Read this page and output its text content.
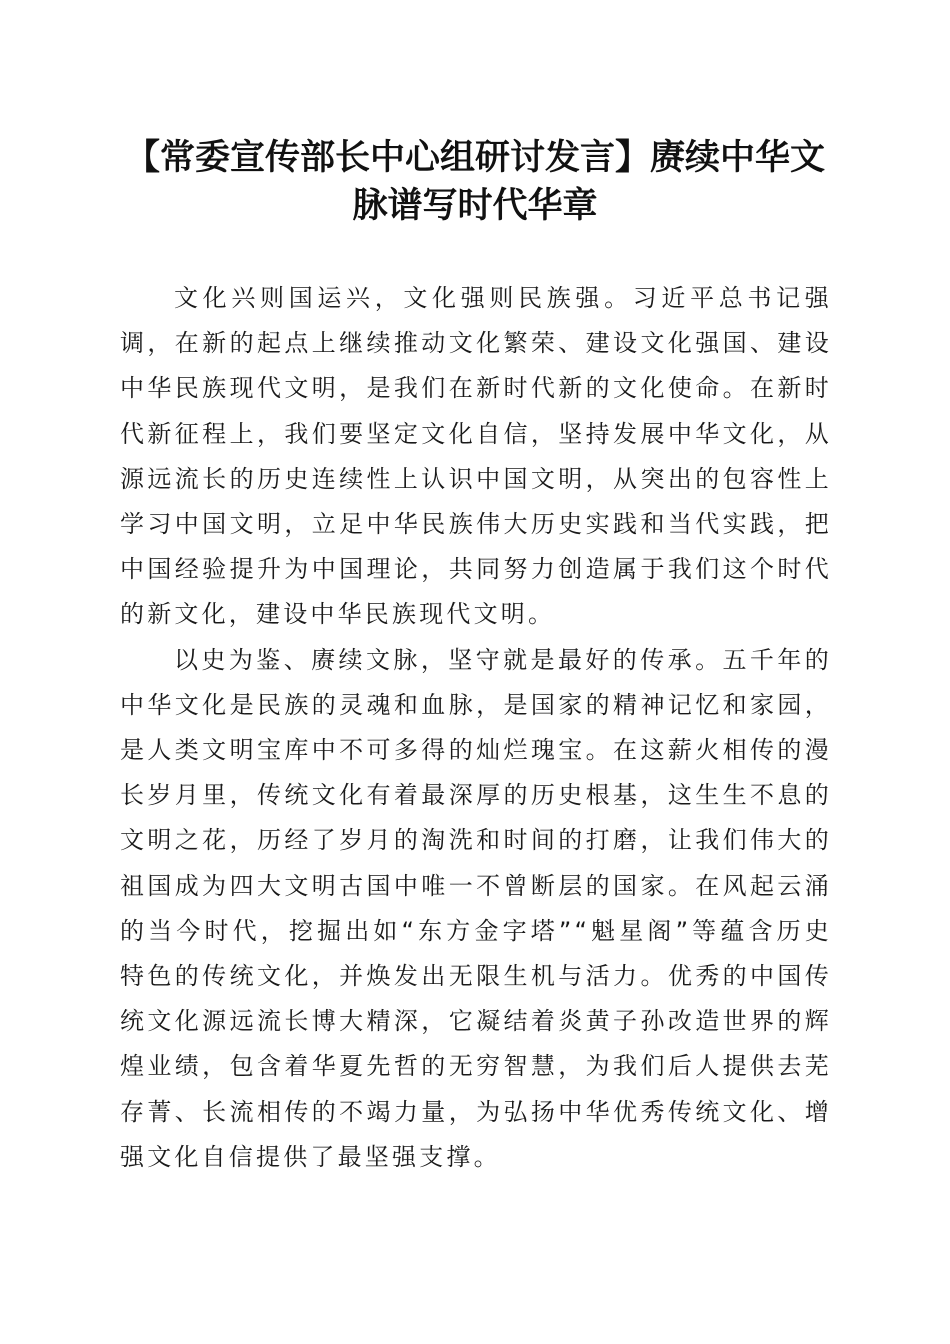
【常委宣传部长中心组研讨发言】赓续中华文脉谱写时代华章

文化兴则国运兴，文化强则民族强。习近平总书记强调，在新的起点上继续推动文化繁荣、建设文化强国、建设中华民族现代文明，是我们在新时代新的文化使命。在新时代新征程上，我们要坚定文化自信，坚持发展中华文化，从源远流长的历史连续性上认识中国文明，从突出的包容性上学习中国文明，立足中华民族伟大历史实践和当代实践，把中国经验提升为中国理论，共同努力创造属于我们这个时代的新文化，建设中华民族现代文明。

以史为鉴、赓续文脉，坚守就是最好的传承。五千年的中华文化是民族的灵魂和血脉，是国家的精神记忆和家园，是人类文明宝库中不可多得的灿烂瑰宝。在这薪火相传的漫长岁月里，传统文化有着最深厚的历史根基，这生生不息的文明之花，历经了岁月的淘洗和时间的打磨，让我们伟大的祖国成为四大文明古国中唯一不曾断层的国家。在风起云涌的当今时代，挖掘出如“东方金字塔”“魁星阁”等蕴含历史特色的传统文化，并焕发出无限生机与活力。优秀的中国传统文化源远流长博大精深，它凝结着炎黄子孙改造世界的辉煌业绩，包含着华夏先哲的无穷智慧，为我们后人提供去芜存菁、长流相传的不竭力量，为弘扬中华优秀传统文化、增强文化自信提供了最坚强支撑。
